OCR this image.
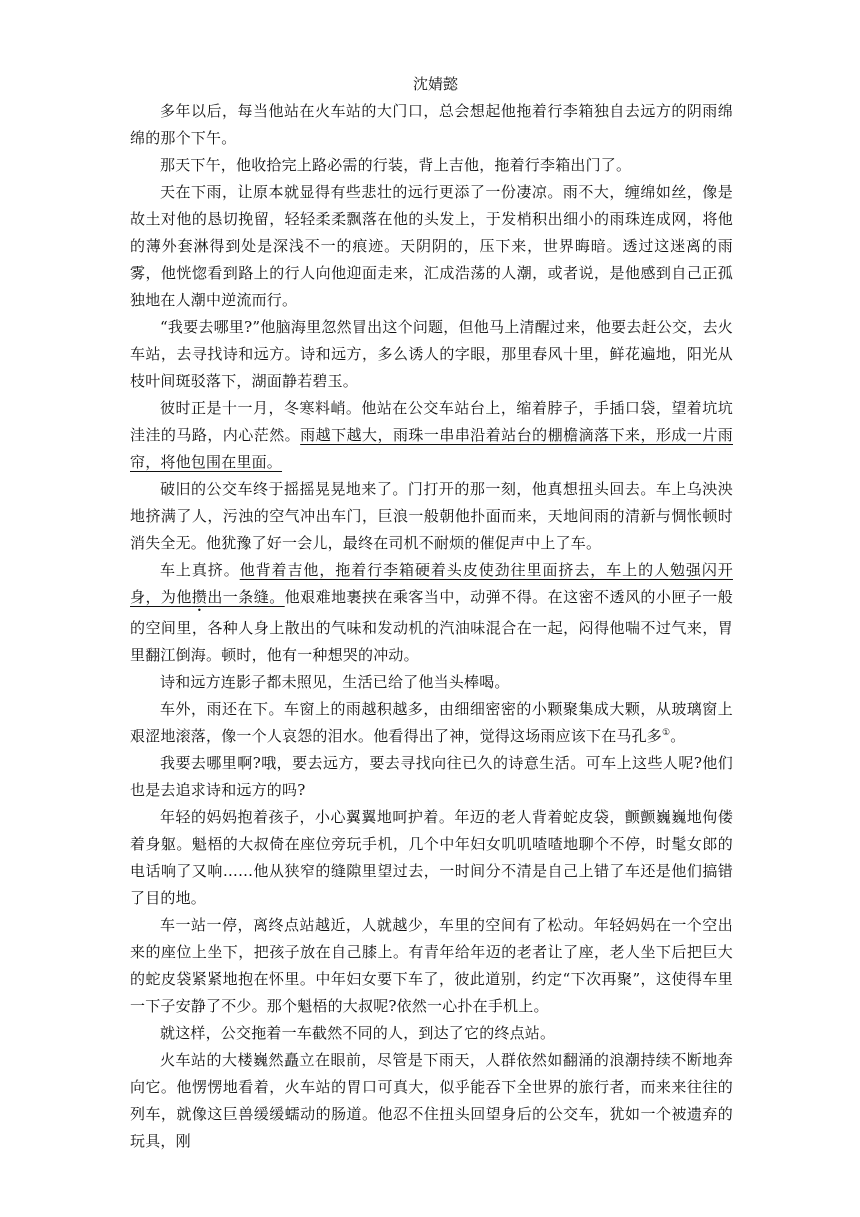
沈婧懿

多年以后，每当他站在火车站的大门口，总会想起他拖着行李箱独自去远方的阴雨绵绵的那个下午。

那天下午，他收拾完上路必需的行装，背上吉他，拖着行李箱出门了。

天在下雨，让原本就显得有些悲壮的远行更添了一份凄凉。雨不大，缠绵如丝，像是故土对他的恳切挽留，轻轻柔柔飘落在他的头发上，于发梢积出细小的雨珠连成网，将他的薄外套淋得到处是深浅不一的痕迹。天阴阴的，压下来，世界晦暗。透过这迷离的雨雾，他恍惚看到路上的行人向他迎面走来，汇成浩荡的人潮，或者说，是他感到自己正孤独地在人潮中逆流而行。

“我要去哪里?”他脑海里忽然冒出这个问题，但他马上清醒过来，他要去赶公交，去火车站，去寻找诗和远方。诗和远方，多么诱人的字眼，那里春风十里，鲜花遍地，阳光从枝叶间斑驳落下，湖面静若碧玉。

彼时正是十一月，冬寒料峭。他站在公交车站台上，缩着脖子，手插口袋，望着坑坑洼洼的马路，内心茫然。雨越下越大，雨珠一串串沿着站台的棚檐滴落下来，形成一片雨帘，将他包围在里面。

破旧的公交车终于摇摇晃晃地来了。门打开的那一刻，他真想扭头回去。车上乌泱泱地挤满了人，污浊的空气冲出车门，巨浪一般朝他扑面而来，天地间雨的清新与惆怅顿时消失全无。他犹豫了好一会儿，最终在司机不耐烦的催促声中上了车。

车上真挤。他背着吉他，拖着行李箱硬着头皮使劲往里面挤去，车上的人勉强闪开身，为他攒出一条缝。他艰难地裹挟在乘客当中，动弹不得。在这密不透风的小匣子一般的空间里，各种人身上散出的气味和发动机的汽油味混合在一起，闷得他喘不过气来，胃里翻江倒海。顿时，他有一种想哭的冲动。

诗和远方连影子都未照见，生活已给了他当头棒喝。

车外，雨还在下。车窗上的雨越积越多，由细细密密的小颗聚集成大颗，从玻璃窗上艰涩地滚落，像一个人哀怨的泪水。他看得出了神，觉得这场雨应该下在马孔多①。

我要去哪里啊?哦，要去远方，要去寻找向往已久的诗意生活。可车上这些人呢?他们也是去追求诗和远方的吗?

年轻的妈妈抱着孩子，小心翼翼地呵护着。年迈的老人背着蛇皮袋，颤颤巍巍地佝偻着身躯。魁梧的大叔倚在座位旁玩手机，几个中年妇女叽叽喳喳地聊个不停，时髦女郎的电话响了又响……他从狭窄的缝隙里望过去，一时间分不清是自己上错了车还是他们搞错了目的地。

车一站一停，离终点站越近，人就越少，车里的空间有了松动。年轻妈妈在一个空出来的座位上坐下，把孩子放在自己膝上。有青年给年迈的老者让了座，老人坐下后把巨大的蛇皮袋紧紧地抱在怀里。中年妇女要下车了，彼此道别，约定“下次再聚”，这使得车里一下子安静了不少。那个魁梧的大叔呢?依然一心扑在手机上。

就这样，公交拖着一车截然不同的人，到达了它的终点站。

火车站的大楼巍然矗立在眼前，尽管是下雨天，人群依然如翻涌的浪潮持续不断地奔向它。他愣愣地看着，火车站的胃口可真大，似乎能吞下全世界的旅行者，而来来往往的列车，就像这巨兽缓缓蠕动的肠道。他忍不住扭头回望身后的公交车，犹如一个被遗弃的玩具，刚
